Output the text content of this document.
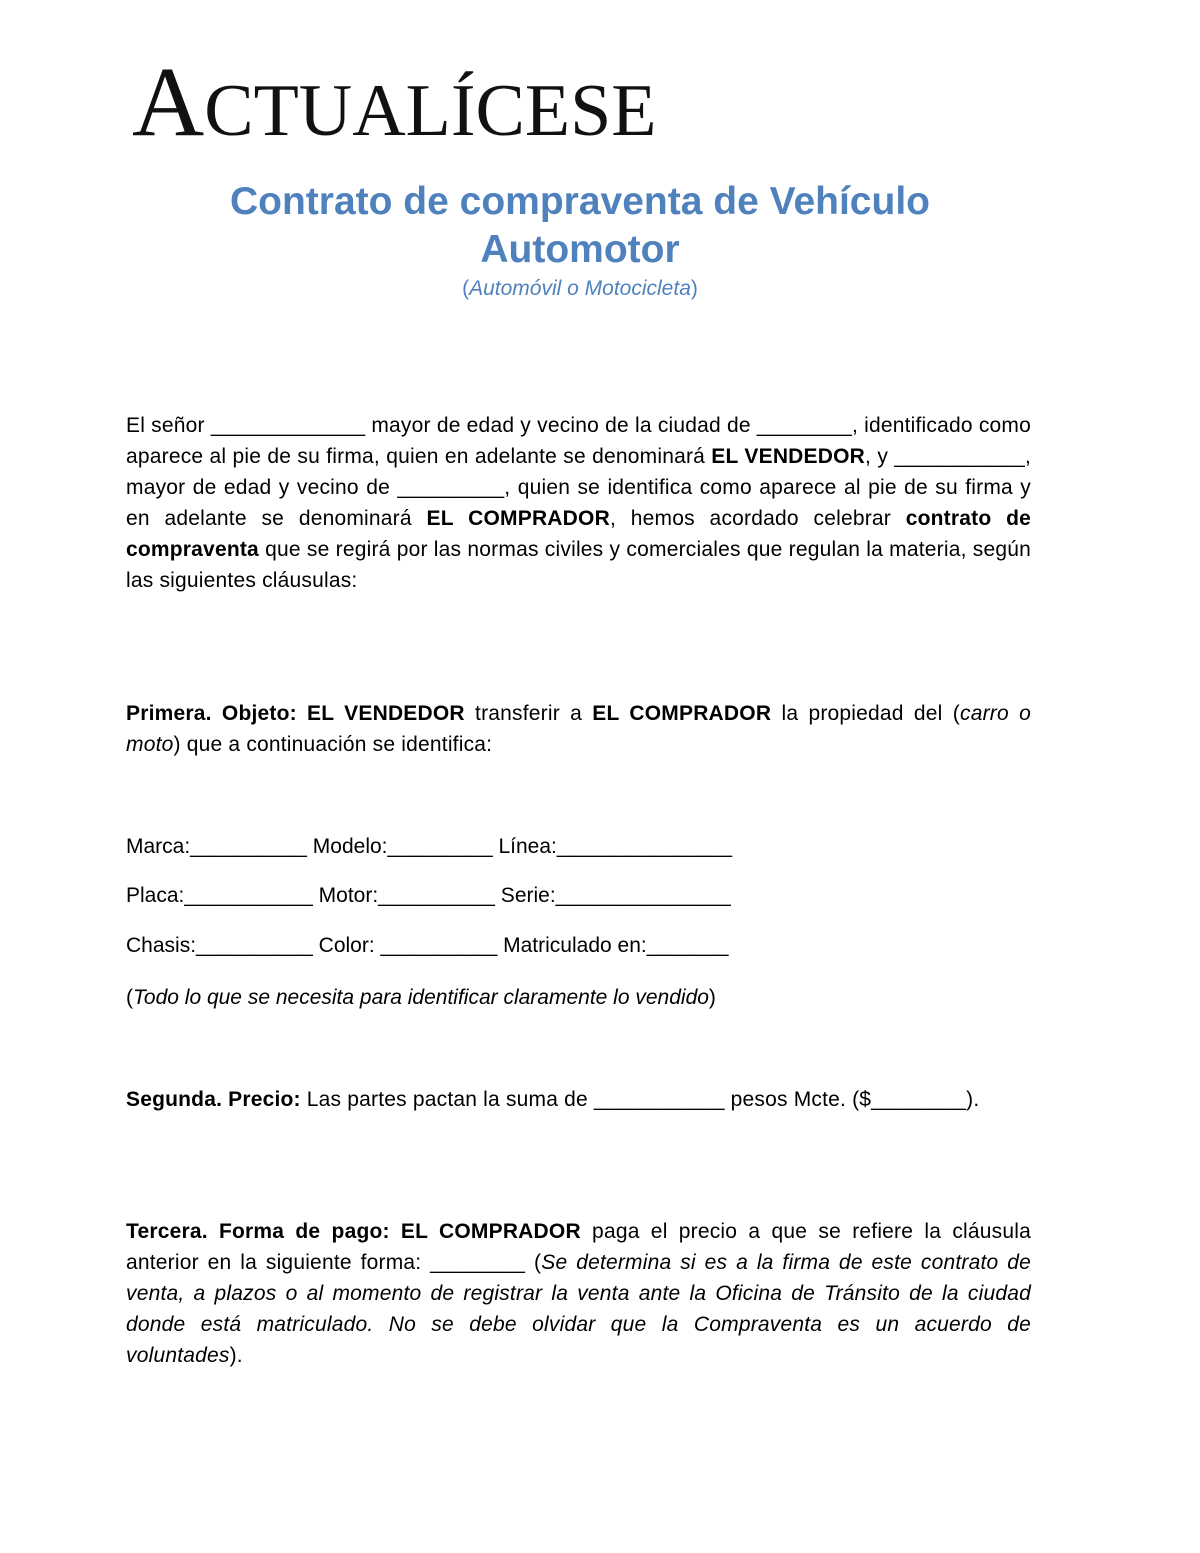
ACTUALÍCESE
Contrato de compraventa de Vehículo
Automotor
(Automóvil o Motocicleta)
El señor _____________ mayor de edad y vecino de la ciudad de ________, identificado como aparece al pie de su firma, quien en adelante se denominará EL VENDEDOR, y ___________, mayor de edad y vecino de _________, quien se identifica como aparece al pie de su firma y en adelante se denominará EL COMPRADOR, hemos acordado celebrar contrato de compraventa que se regirá por las normas civiles y comerciales que regulan la materia, según las siguientes cláusulas:
Primera. Objeto: EL VENDEDOR transferir a EL COMPRADOR la propiedad del (carro o moto) que a continuación se identifica:
Marca:__________ Modelo:_________ Línea:_______________
Placa:___________ Motor:__________ Serie:_______________
Chasis:__________ Color: __________ Matriculado en:_______
(Todo lo que se necesita para identificar claramente lo vendido)
Segunda. Precio: Las partes pactan la suma de ___________ pesos Mcte. ($________).
Tercera. Forma de pago: EL COMPRADOR paga el precio a que se refiere la cláusula anterior en la siguiente forma: ________ (Se determina si es a la firma de este contrato de venta, a plazos o al momento de registrar la venta ante la Oficina de Tránsito de la ciudad donde está matriculado. No se debe olvidar que la Compraventa es un acuerdo de voluntades).
